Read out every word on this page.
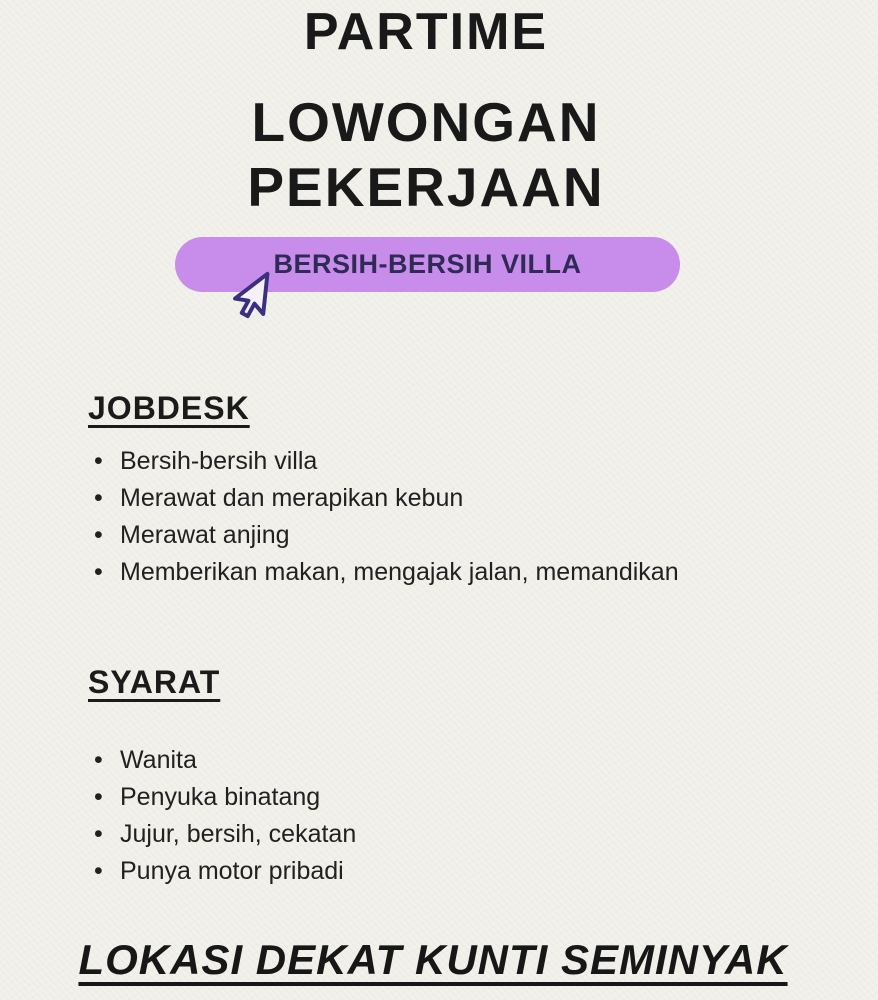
PARTIME
LOWONGAN
PEKERJAAN
BERSIH-BERSIH VILLA
JOBDESK
• Bersih-bersih villa
• Merawat dan merapikan kebun
• Merawat anjing
• Memberikan makan, mengajak jalan, memandikan
SYARAT
• Wanita
• Penyuka binatang
• Jujur, bersih, cekatan
• Punya motor pribadi
LOKASI DEKAT KUNTI SEMINYAK
